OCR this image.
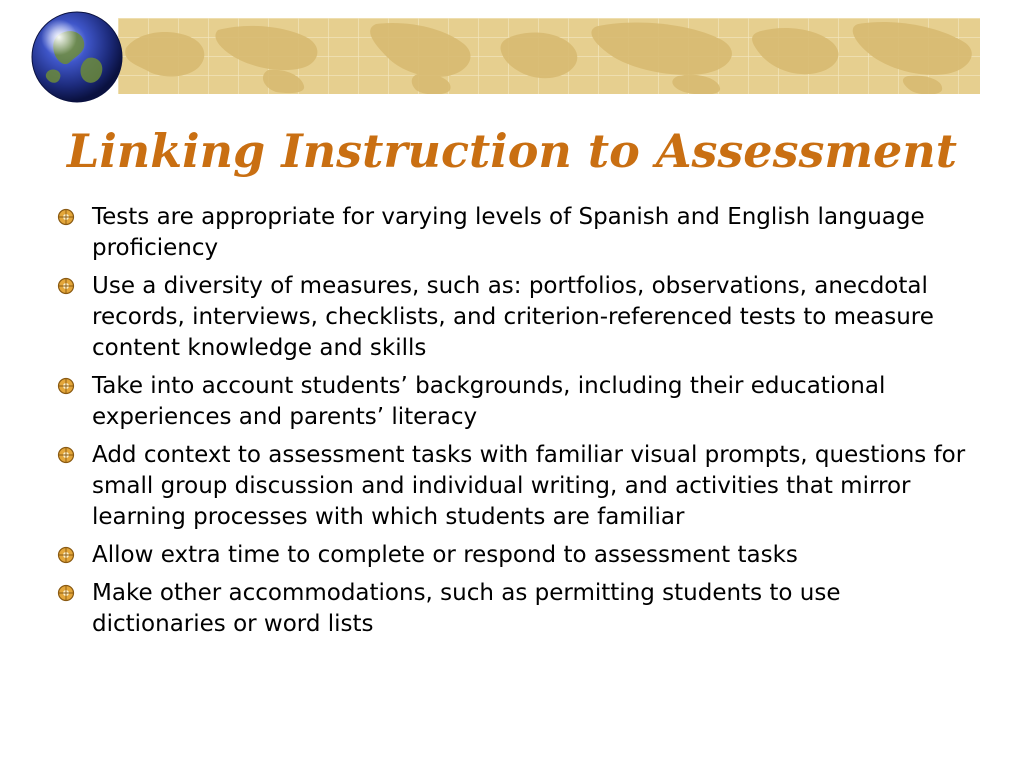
Linking Instruction to Assessment
Tests are appropriate for varying levels of Spanish and English language proficiency
Use a diversity of measures, such as: portfolios, observations, anecdotal records, interviews, checklists, and criterion-referenced tests to measure content knowledge and skills
Take into account students’ backgrounds, including their educational experiences and parents’ literacy
Add context to assessment tasks with familiar visual prompts, questions for small group discussion and individual writing, and activities that mirror learning processes with which students are familiar
Allow extra time to complete or respond to assessment tasks
Make other accommodations, such as permitting students to use dictionaries or word lists
